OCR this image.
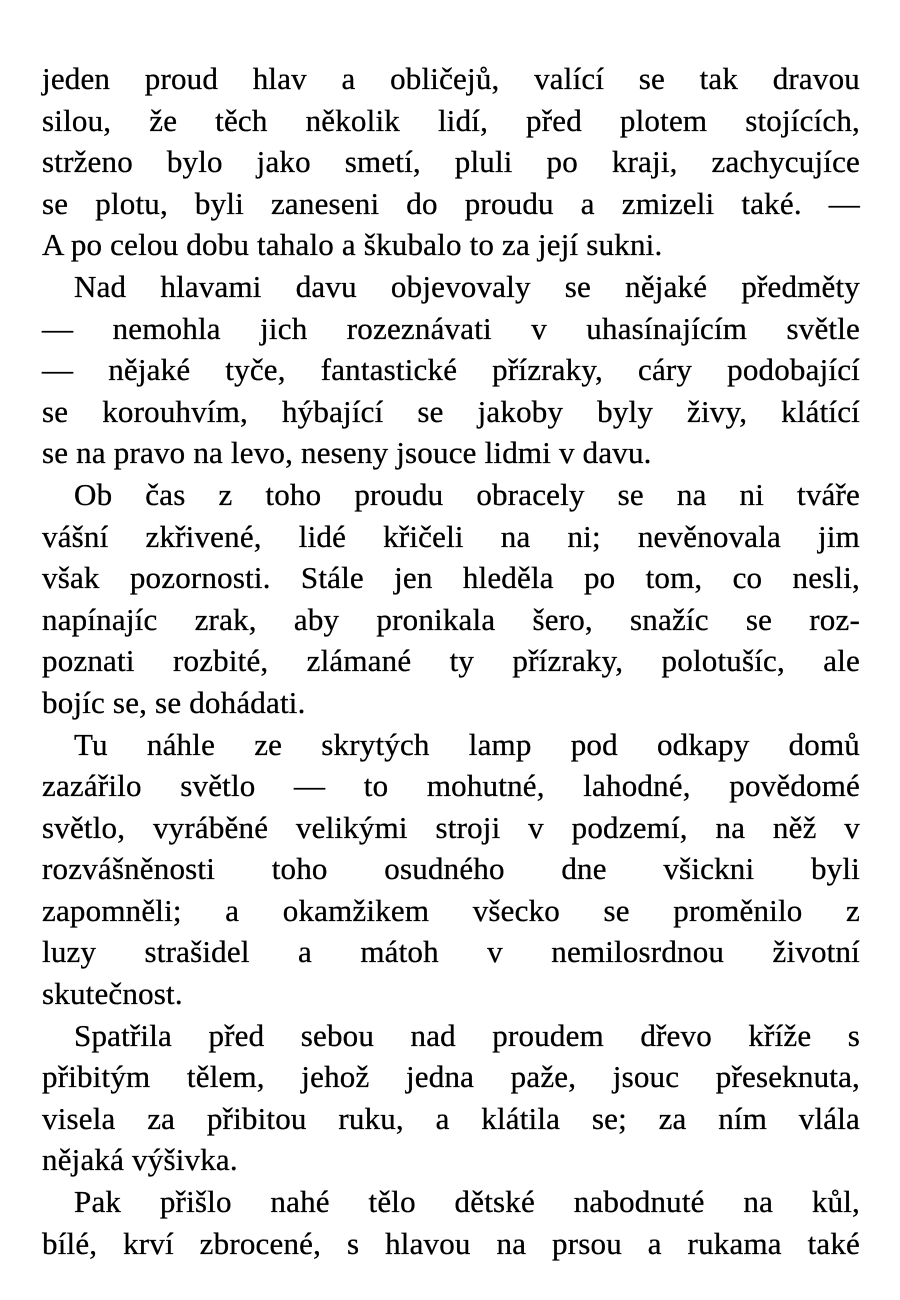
jeden proud hlav a obličejů, valící se tak dravou
silou, že těch několik lidí, před plotem stojících,
strženo bylo jako smetí, pluli po kraji, zachycujíce
se plotu, byli zaneseni do proudu a zmizeli také. —
A po celou dobu tahalo a škubalo to za její sukni.
Nad hlavami davu objevovaly se nějaké předměty
— nemohla jich rozeznávati v uhasínajícím světle
— nějaké tyče, fantastické přízraky, cáry podobající
se korouhvím, hýbající se jakoby byly živy, klátící
se na pravo na levo, neseny jsouce lidmi v davu.
Ob čas z toho proudu obracely se na ni tváře
vášní zkřivené, lidé křičeli na ni; nevěnovala jim
však pozornosti. Stále jen hleděla po tom, co nesli,
napínajíc zrak, aby pronikala šero, snažíc se roz-
poznati rozbité, zlámané ty přízraky, polotušíc, ale
bojíc se, se dohádati.
Tu náhle ze skrytých lamp pod odkapy domů
zazářilo světlo — to mohutné, lahodné, povědomé
světlo, vyráběné velikými stroji v podzemí, na něž v
rozvášněnosti toho osudného dne všickni byli
zapomněli; a okamžikem všecko se proměnilo z
luzy strašidel a mátoh v nemilosrdnou životní
skutečnost.
Spatřila před sebou nad proudem dřevo kříže s
přibitým tělem, jehož jedna paže, jsouc přeseknuta,
visela za přibitou ruku, a klátila se; za ním vlála
nějaká výšivka.
Pak přišlo nahé tělo dětské nabodnuté na kůl,
bílé, krví zbrocené, s hlavou na prsou a rukama také
